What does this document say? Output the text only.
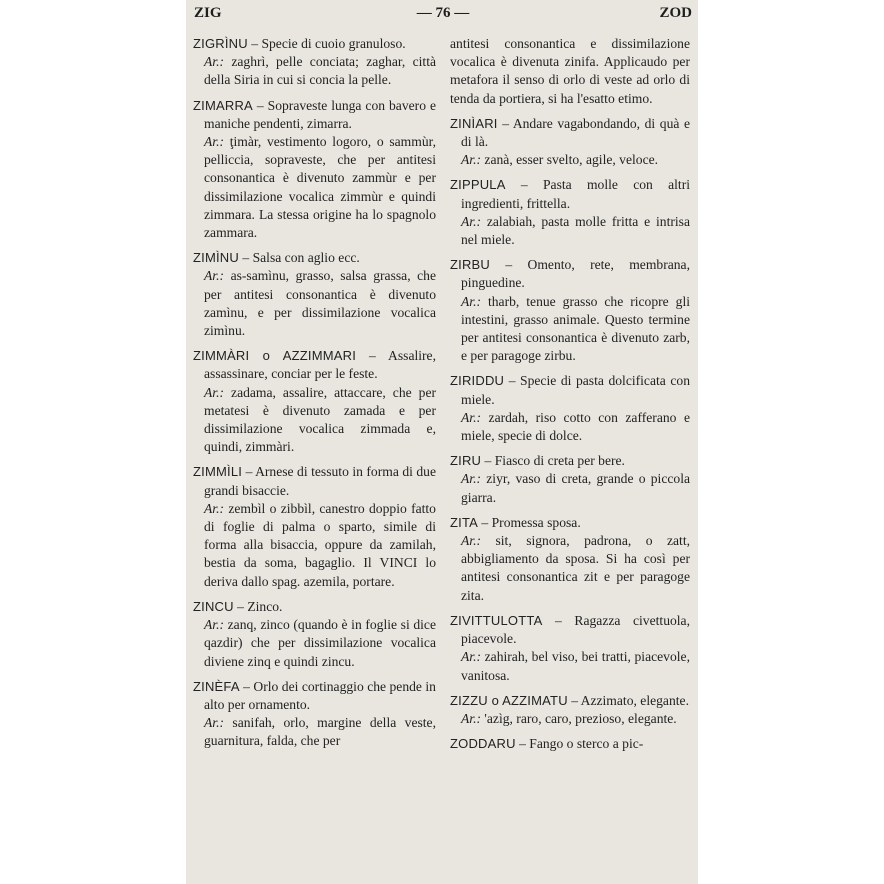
ZIG	— 76 —	ZOD
ZIGRÌNU – Specie di cuoio granuloso.
Ar.: zaghrì, pelle conciata; zaghar, città della Siria in cui si concia la pelle.
ZIMARRA – Sopraveste lunga con bavero e maniche pendenti, zimarra.
Ar.: ţimàr, vestimento logoro, o sammùr, pelliccia, sopraveste, che per antitesi consonantica è divenuto zammùr e per dissimilazione vocalica zimmùr e quindi zimmara. La stessa origine ha lo spagnolo zammara.
ZIMÌNU – Salsa con aglio ecc.
Ar.: as-samìnu, grasso, salsa grassa, che per antitesi consonantica è divenuto zamìnu, e per dissimilazione vocalica zimìnu.
ZIMMÀRI o AZZIMMARI – Assalire, assassinare, conciar per le feste.
Ar.: zadama, assalire, attaccare, che per metatesi è divenuto zamada e per dissimilazione vocalica zimmada e, quindi, zimmàri.
ZIMMÌLI – Arnese di tessuto in forma di due grandi bisaccie.
Ar.: zembìl o zibbìl, canestro doppio fatto di foglie di palma o sparto, simile di forma alla bisaccia, oppure da zamilah, bestia da soma, bagaglio. Il VINCI lo deriva dallo spag. azemila, portare.
ZINCU – Zinco.
Ar.: zanq, zinco (quando è in foglie si dice qazdir) che per dissimilazione vocalica diviene zinq e quindi zincu.
ZINÈFA – Orlo dei cortinaggio che pende in alto per ornamento.
Ar.: sanifah, orlo, margine della veste, guarnitura, falda, che per
antitesi consonantica e dissimilazione vocalica è divenuta zinifa. Applicaudo per metafora il senso di orlo di veste ad orlo di tenda da portiera, si ha l'esatto etimo.
ZINÌARI – Andare vagabondando, di quà e di là.
Ar.: zanà, esser svelto, agile, veloce.
ZIPPULA – Pasta molle con altri ingredienti, frittella.
Ar.: zalabiah, pasta molle fritta e intrisa nel miele.
ZIRBU – Omento, rete, membrana, pinguedine.
Ar.: tharb, tenue grasso che ricopre gli intestini, grasso animale. Questo termine per antitesi consonantica è divenuto zarb, e per paragoge zirbu.
ZIRIDDU – Specie di pasta dolcificata con miele.
Ar.: zardah, riso cotto con zafferano e miele, specie di dolce.
ZIRU – Fiasco di creta per bere.
Ar.: ziyr, vaso di creta, grande o piccola giarra.
ZITA – Promessa sposa.
Ar.: sit, signora, padrona, o zatt, abbigliamento da sposa. Si ha così per antitesi consonantica zit e per paragoge zita.
ZIVITTULOTTA – Ragazza civettuola, piacevole.
Ar.: zahirah, bel viso, bei tratti, piacevole, vanitosa.
ZIZZU o AZZIMATU – Azzimato, elegante.
Ar.: 'azìg, raro, caro, prezioso, elegante.
ZODDARU – Fango o sterco a pic-
